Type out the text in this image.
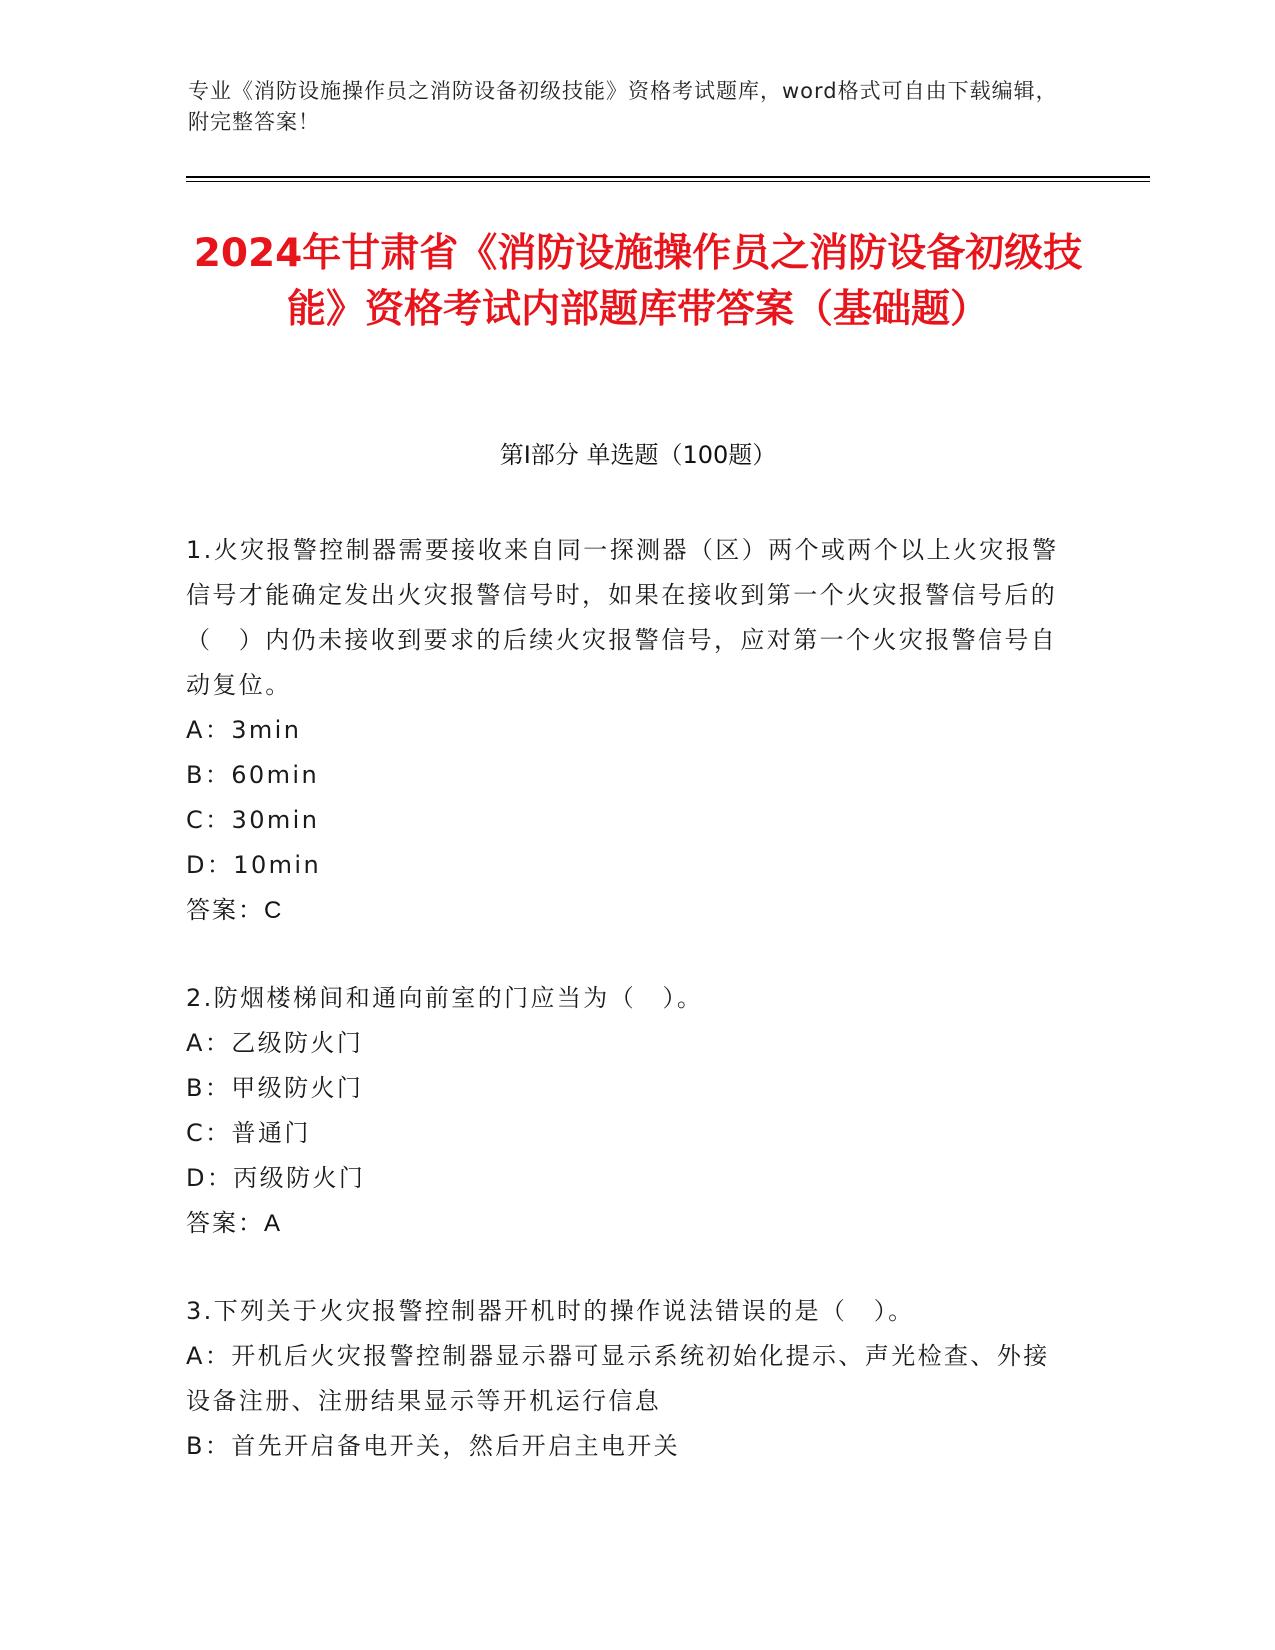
专业《消防设施操作员之消防设备初级技能》资格考试题库，word格式可自由下载编辑，附完整答案！
2024年甘肃省《消防设施操作员之消防设备初级技能》资格考试内部题库带答案（基础题）
第I部分 单选题（100题）
1.火灾报警控制器需要接收来自同一探测器（区）两个或两个以上火灾报警信号才能确定发出火灾报警信号时，如果在接收到第一个火灾报警信号后的（　）内仍未接收到要求的后续火灾报警信号，应对第一个火灾报警信号自动复位。
A：3min
B：60min
C：30min
D：10min
答案：C
2.防烟楼梯间和通向前室的门应当为（　）。
A：乙级防火门
B：甲级防火门
C：普通门
D：丙级防火门
答案：A
3.下列关于火灾报警控制器开机时的操作说法错误的是（　）。
A：开机后火灾报警控制器显示器可显示系统初始化提示、声光检查、外接设备注册、注册结果显示等开机运行信息
B：首先开启备电开关，然后开启主电开关
